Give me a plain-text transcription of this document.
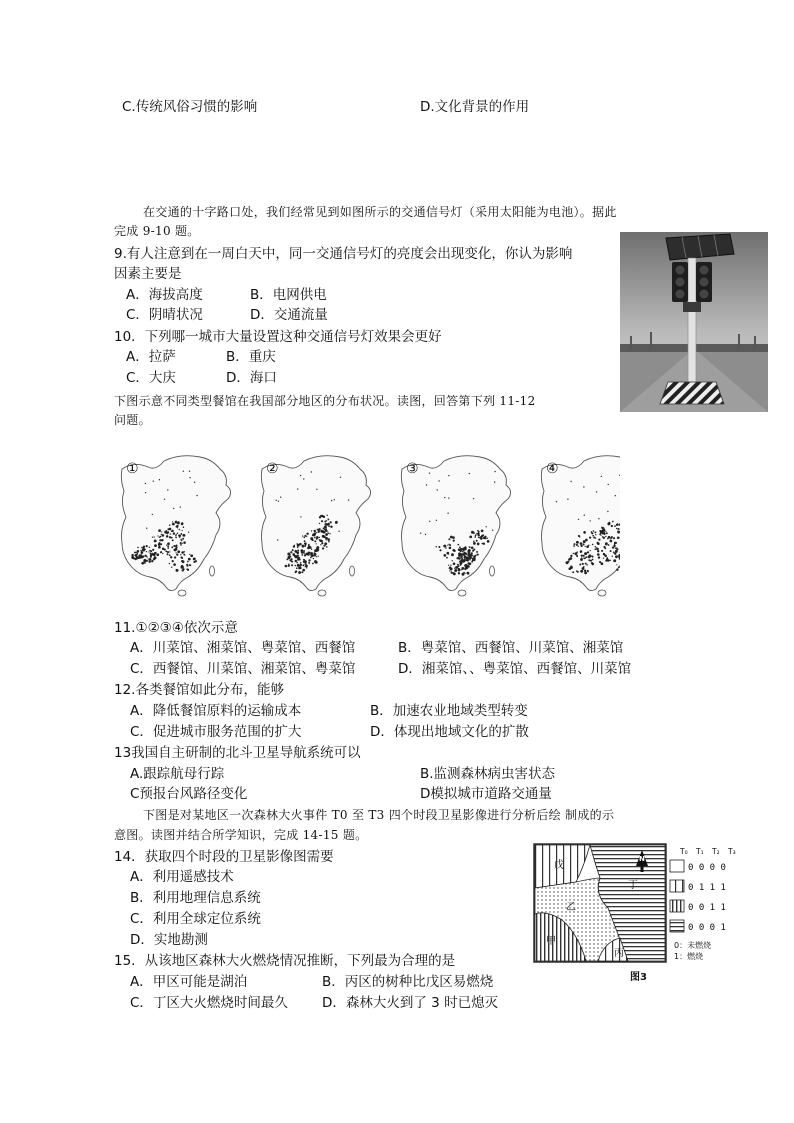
C.传统风俗习惯的影响	D.文化背景的作用
在交通的十字路口处，我们经常见到如图所示的交通信号灯（采用太阳能为电池）。据此
完成 9-10 题。
9.有人注意到在一周白天中，同一交通信号灯的亮度会出现变化，你认为影响
因素主要是
A．海拔高度	B．电网供电
C．阴晴状况	D．交通流量
10．下列哪一城市大量设置这种交通信号灯效果会更好
A．拉萨	B．重庆
C．大庆	D．海口
下图示意不同类型餐馆在我国部分地区的分布状况。读图，回答第下列 11-12
问题。
①	②	③	④
11.①②③④依次示意
A．川菜馆、湘菜馆、粤菜馆、西餐馆	B．粤菜馆、西餐馆、川菜馆、湘菜馆
C．西餐馆、川菜馆、湘菜馆、粤菜馆	D．湘菜馆、、粤菜馆、西餐馆、川菜馆
12.各类餐馆如此分布，能够
A．降低餐馆原料的运输成本	B．加速农业地域类型转变
C．促进城市服务范围的扩大	D．体现出地域文化的扩散
13我国自主研制的北斗卫星导航系统可以
A.跟踪航母行踪	B.监测森林病虫害状态
C预报台风路径变化	D模拟城市道路交通量
下图是对某地区一次森林大火事件 T0 至 T3 四个时段卫星影像进行分析后绘 制成的示
意图。读图并结合所学知识，完成 14-15 题。
14．获取四个时段的卫星影像图需要
A．利用遥感技术
B．利用地理信息系统
C．利用全球定位系统
D．实地勘测
15．从该地区森林大火燃烧情况推断，下列最为合理的是
A．甲区可能是湖泊	B．丙区的树种比戊区易燃烧
C．丁区大火燃烧时间最久	D．森林大火到了 3 时已熄灭
戊
丁
乙
甲
丙
N
T₀ T₁ T₂ T₃
0 0 0 0
0 1 1 1
0 0 1 1
0 0 0 1
0：未燃烧
1：燃烧
图3
